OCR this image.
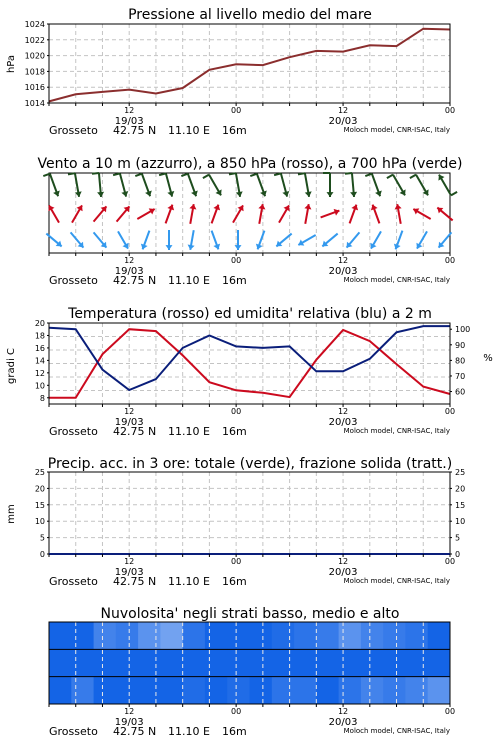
Pressione al livello medio del mare
hPa
1014
1016
1018
1020
1022
1024
12	00	12	00
19/03	20/03
Grosseto 42.75 N 11.10 E 16m	Moloch model, CNR-ISAC, Italy
Vento a 10 m (azzurro), a 850 hPa (rosso), a 700 hPa (verde)
12	00	12	00
19/03	20/03
Grosseto 42.75 N 11.10 E 16m	Moloch model, CNR-ISAC, Italy
Temperatura (rosso) ed umidita' relativa (blu) a 2 m
gradi C	%
8
10
12
14
16
18
20
60
70
80
90
100
12	00	12	00
19/03	20/03
Grosseto 42.75 N 11.10 E 16m	Moloch model, CNR-ISAC, Italy
Precip. acc. in 3 ore: totale (verde), frazione solida (tratt.)
mm
0
5
10
15
20
25
0
5
10
15
20
25
12	00	12	00
19/03	20/03
Grosseto 42.75 N 11.10 E 16m	Moloch model, CNR-ISAC, Italy
Nuvolosita' negli strati basso, medio e alto
12	00	12	00
19/03	20/03
Grosseto 42.75 N 11.10 E 16m	Moloch model, CNR-ISAC, Italy
